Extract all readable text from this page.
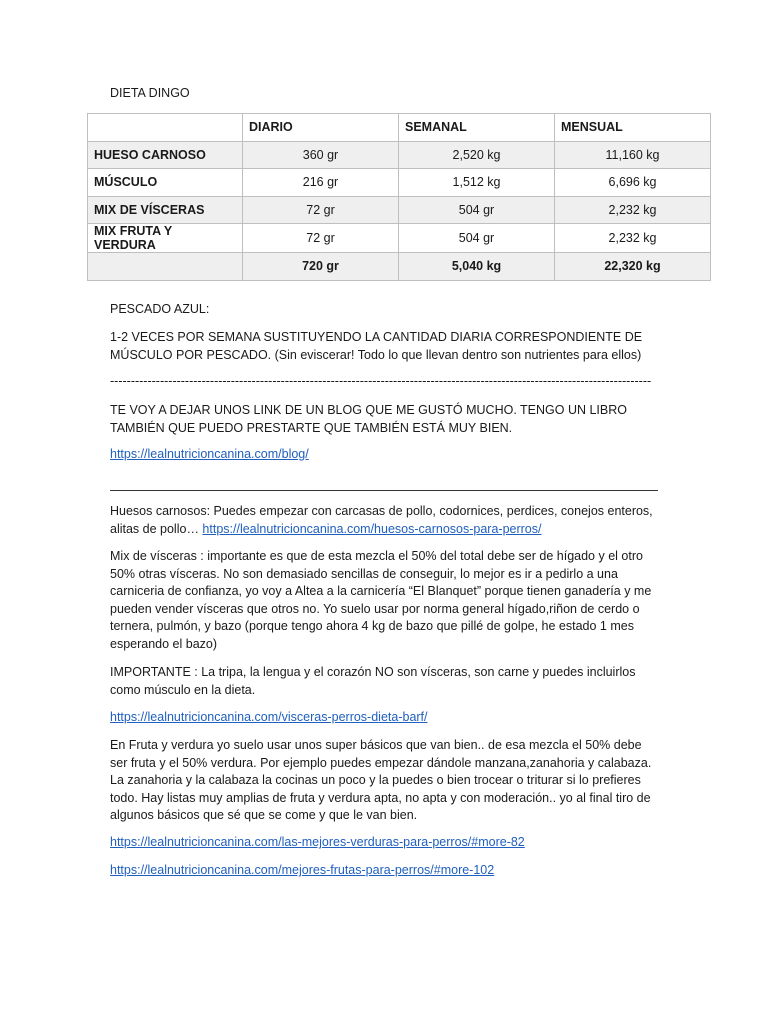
DIETA DINGO
	DIARIO	SEMANAL	MENSUAL
HUESO CARNOSO	360 gr	2,520 kg	11,160 kg
MÚSCULO	216 gr	1,512 kg	6,696 kg
MIX DE VÍSCERAS	72 gr	504 gr	2,232 kg
MIX FRUTA Y VERDURA	72 gr	504 gr	2,232 kg
	720 gr	5,040 kg	22,320 kg
PESCADO AZUL:
1-2 VECES POR SEMANA SUSTITUYENDO LA CANTIDAD DIARIA CORRESPONDIENTE DE MÚSCULO POR PESCADO. (Sin eviscerar! Todo lo que llevan dentro son nutrientes para ellos)
----------------------------------------------------------------------------------------------------------------------------------
TE VOY A DEJAR UNOS LINK DE UN BLOG QUE ME GUSTÓ MUCHO. TENGO UN LIBRO TAMBIÉN QUE PUEDO PRESTARTE QUE TAMBIÉN ESTÁ MUY BIEN.
https://lealnutricioncanina.com/blog/
Huesos carnosos: Puedes empezar con carcasas de pollo, codornices, perdices, conejos enteros, alitas de pollo… https://lealnutricioncanina.com/huesos-carnosos-para-perros/
Mix de vísceras : importante es que de esta mezcla el 50% del total debe ser de hígado y el otro 50% otras vísceras. No son demasiado sencillas de conseguir, lo mejor es ir a pedirlo a una carniceria de confianza, yo voy a Altea a la carnicería “El Blanquet” porque tienen ganadería y me pueden vender vísceras que otros no. Yo suelo usar por norma general hígado,riñon de cerdo o ternera, pulmón, y bazo (porque tengo ahora 4 kg de bazo que pillé de golpe, he estado 1 mes esperando el bazo)
IMPORTANTE : La tripa, la lengua y el corazón NO son vísceras, son carne y puedes incluirlos como músculo en la dieta.
https://lealnutricioncanina.com/visceras-perros-dieta-barf/
En Fruta y verdura yo suelo usar unos super básicos que van bien.. de esa mezcla el 50% debe ser fruta y el 50% verdura. Por ejemplo puedes empezar dándole manzana,zanahoria y calabaza. La zanahoria y la calabaza la cocinas un poco y la puedes o bien trocear o triturar si lo prefieres todo. Hay listas muy amplias de fruta y verdura apta, no apta y con moderación.. yo al final tiro de algunos básicos que sé que se come y que le van bien.
https://lealnutricioncanina.com/las-mejores-verduras-para-perros/#more-82
https://lealnutricioncanina.com/mejores-frutas-para-perros/#more-102
